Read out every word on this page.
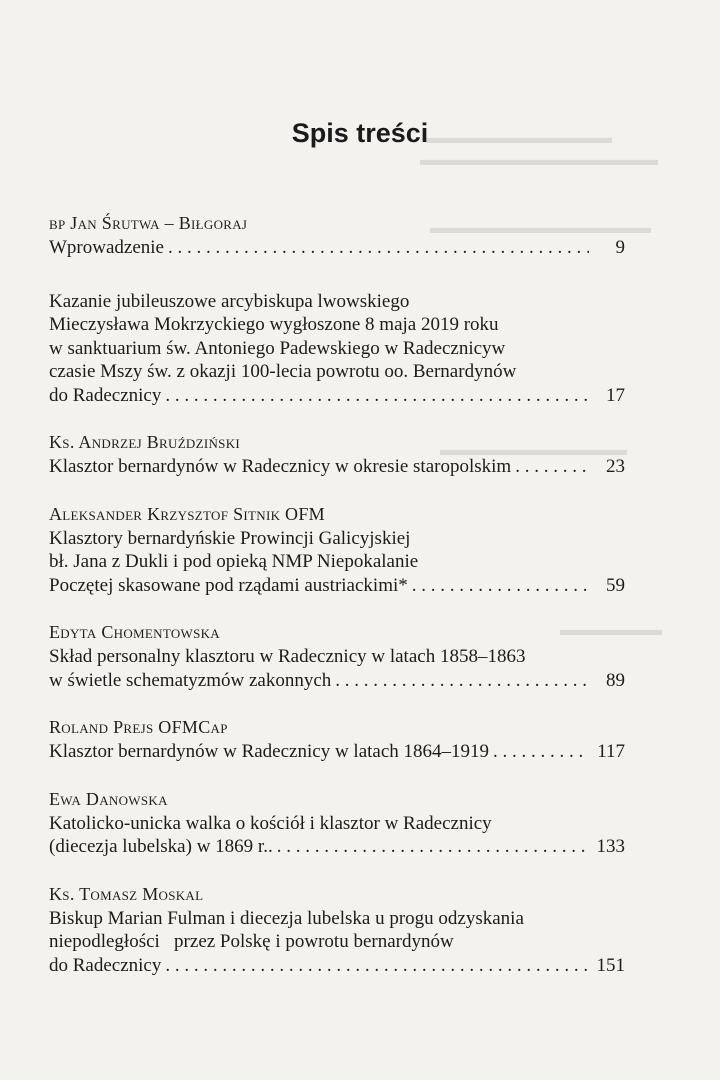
▬▬▬▬▬▬▬▬▬▬▬
▬▬▬▬▬▬▬▬▬▬▬▬▬▬
▬▬▬▬▬▬▬▬▬▬▬▬▬
▬▬▬▬▬▬▬▬▬▬▬
▬▬▬▬▬▬
Spis treści

bp Jan Śrutwa – Biłgoraj

Wprowadzenie . . .	9

Kazanie jubileuszowe arcybiskupa lwowskiego

Mieczysława Mokrzyckiego wygłoszone 8 maja 2019 roku

w sanktuarium św. Antoniego Padewskiego w Radecznicyw

czasie Mszy św. z okazji 100-lecia powrotu oo. Bernardynów

do Radecznicy . . .	17

Ks. Andrzej Bruździński

Klasztor bernardynów w Radecznicy w okresie staropolskim . . .	23

Aleksander Krzysztof Sitnik OFM

Klasztory bernardyńskie Prowincji Galicyjskiej

bł. Jana z Dukli i pod opieką NMP Niepokalanie

Poczętej skasowane pod rządami austriackimi* . . .	59

Edyta Chomentowska

Skład personalny klasztoru w Radecznicy w latach 1858–1863

w świetle schematyzmów zakonnych . . .	89

Roland Prejs OFMCap

Klasztor bernardynów w Radecznicy w latach 1864–1919 . . .	117

Ewa Danowska

Katolicko-unicka walka o kościół i klasztor w Radecznicy

(diecezja lubelska) w 1869 r.. . . .	133

Ks. Tomasz Moskal

Biskup Marian Fulman i diecezja lubelska u progu odzyskania

niepodległości   przez Polskę i powrotu bernardynów

do Radecznicy . . .	151
